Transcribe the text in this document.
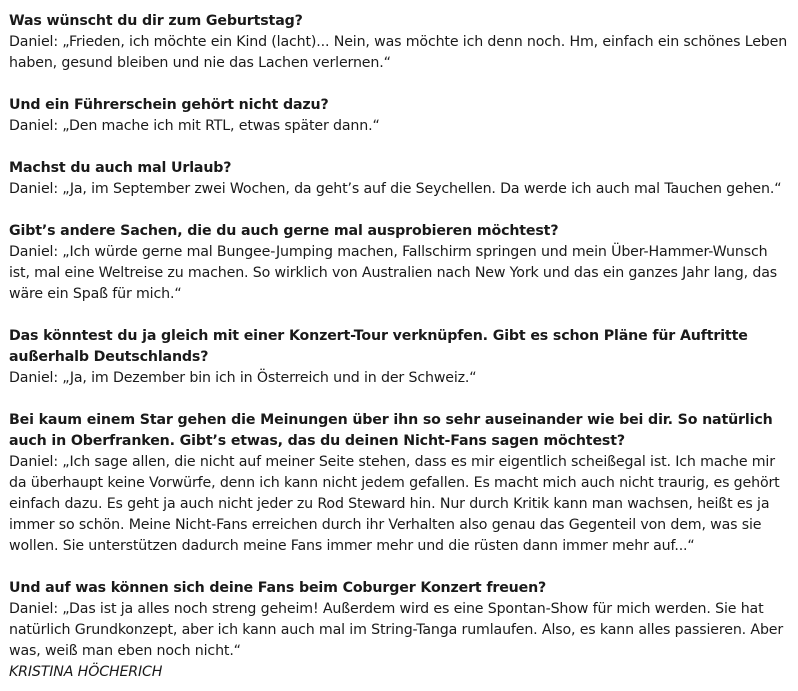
Was wünscht du dir zum Geburtstag?

Daniel: „Frieden, ich möchte ein Kind (lacht)... Nein, was möchte ich denn noch. Hm, einfach ein schönes Leben haben, gesund bleiben und nie das Lachen verlernen.“

Und ein Führerschein gehört nicht dazu?

Daniel: „Den mache ich mit RTL, etwas später dann.“

Machst du auch mal Urlaub?

Daniel: „Ja, im September zwei Wochen, da geht’s auf die Seychellen. Da werde ich auch mal Tauchen gehen.“

Gibt’s andere Sachen, die du auch gerne mal ausprobieren möchtest?

Daniel: „Ich würde gerne mal Bungee-Jumping machen, Fallschirm springen und mein Über-Hammer-Wunsch ist, mal eine Weltreise zu machen. So wirklich von Australien nach New York und das ein ganzes Jahr lang, das wäre ein Spaß für mich.“

Das könntest du ja gleich mit einer Konzert-Tour verknüpfen. Gibt es schon Pläne für Auftritte außerhalb Deutschlands?

Daniel: „Ja, im Dezember bin ich in Österreich und in der Schweiz.“

Bei kaum einem Star gehen die Meinungen über ihn so sehr auseinander wie bei dir. So natürlich auch in Oberfranken. Gibt’s etwas, das du deinen Nicht-Fans sagen möchtest?

Daniel: „Ich sage allen, die nicht auf meiner Seite stehen, dass es mir eigentlich scheißegal ist. Ich mache mir da überhaupt keine Vorwürfe, denn ich kann nicht jedem gefallen. Es macht mich auch nicht traurig, es gehört einfach dazu. Es geht ja auch nicht jeder zu Rod Steward hin. Nur durch Kritik kann man wachsen, heißt es ja immer so schön. Meine Nicht-Fans erreichen durch ihr Verhalten also genau das Gegenteil von dem, was sie wollen. Sie unterstützen dadurch meine Fans immer mehr und die rüsten dann immer mehr auf...“

Und auf was können sich deine Fans beim Coburger Konzert freuen?

Daniel: „Das ist ja alles noch streng geheim! Außerdem wird es eine Spontan-Show für mich werden. Sie hat natürlich Grundkonzept, aber ich kann auch mal im String-Tanga rumlaufen. Also, es kann alles passieren. Aber was, weiß man eben noch nicht.“

KRISTINA HÖCHERICH
